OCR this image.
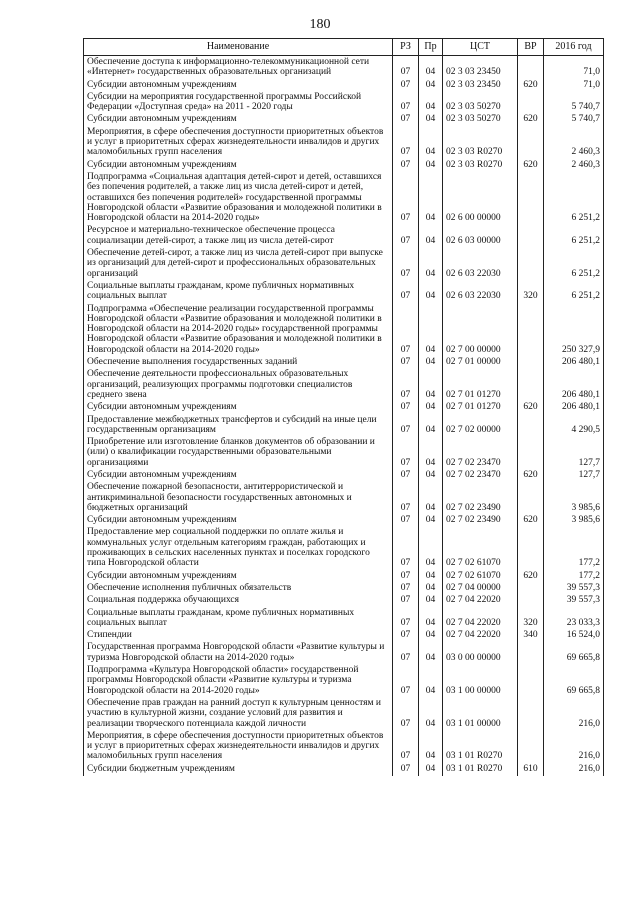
180
Наименование	РЗ	Пр	ЦСТ	ВР	2016 год
Обеспечение доступа к информационно-телекоммуникационной сети «Интернет» государственных образовательных организаций	07	04	02 3 03 23450		71,0
Субсидии автономным учреждениям	07	04	02 3 03 23450	620	71,0
Субсидии на мероприятия государственной программы Российской Федерации «Доступная среда» на 2011 - 2020 годы	07	04	02 3 03 50270		5 740,7
Субсидии автономным учреждениям	07	04	02 3 03 50270	620	5 740,7
Мероприятия, в сфере обеспечения доступности приоритетных объектов и услуг в приоритетных сферах жизнедеятельности инвалидов и других маломобильных групп населения	07	04	02 3 03 R0270		2 460,3
Субсидии автономным учреждениям	07	04	02 3 03 R0270	620	2 460,3
Подпрограмма «Социальная адаптация детей-сирот и детей, оставшихся без попечения родителей, а также лиц из числа детей-сирот и детей, оставшихся без попечения родителей» государственной программы Новгородской области «Развитие образования и молодежной политики в Новгородской области на 2014-2020 годы»	07	04	02 6 00 00000		6 251,2
Ресурсное и материально-техническое обеспечение процесса социализации детей-сирот, а также лиц из числа детей-сирот	07	04	02 6 03 00000		6 251,2
Обеспечение детей-сирот, а также лиц из числа детей-сирот при выпуске из организаций для детей-сирот и профессиональных образовательных организаций	07	04	02 6 03 22030		6 251,2
Социальные выплаты гражданам, кроме публичных нормативных социальных выплат	07	04	02 6 03 22030	320	6 251,2
Подпрограмма «Обеспечение реализации государственной программы Новгородской области «Развитие образования и молодежной политики в Новгородской области на 2014-2020 годы» государственной программы Новгородской области «Развитие образования и молодежной политики в Новгородской области на 2014-2020 годы»	07	04	02 7 00 00000		250 327,9
Обеспечение выполнения государственных заданий	07	04	02 7 01 00000		206 480,1
Обеспечение деятельности профессиональных образовательных организаций, реализующих программы подготовки специалистов среднего звена	07	04	02 7 01 01270		206 480,1
Субсидии автономным учреждениям	07	04	02 7 01 01270	620	206 480,1
Предоставление межбюджетных трансфертов и субсидий на иные цели государственным организациям	07	04	02 7 02 00000		4 290,5
Приобретение или изготовление бланков документов об образовании и (или) о квалификации государственными образовательными организациями	07	04	02 7 02 23470		127,7
Субсидии автономным учреждениям	07	04	02 7 02 23470	620	127,7
Обеспечение пожарной безопасности, антитеррористической и антикриминальной безопасности государственных автономных и бюджетных организаций	07	04	02 7 02 23490		3 985,6
Субсидии автономным учреждениям	07	04	02 7 02 23490	620	3 985,6
Предоставление мер социальной поддержки по оплате жилья и коммунальных услуг отдельным категориям граждан, работающих и проживающих в сельских населенных пунктах и поселках городского типа Новгородской области	07	04	02 7 02 61070		177,2
Субсидии автономным учреждениям	07	04	02 7 02 61070	620	177,2
Обеспечение исполнения публичных обязательств	07	04	02 7 04 00000		39 557,3
Социальная поддержка обучающихся	07	04	02 7 04 22020		39 557,3
Социальные выплаты гражданам, кроме публичных нормативных социальных выплат	07	04	02 7 04 22020	320	23 033,3
Стипендии	07	04	02 7 04 22020	340	16 524,0
Государственная программа Новгородской области «Развитие культуры и туризма Новгородской области на 2014-2020 годы»	07	04	03 0 00 00000		69 665,8
Подпрограмма «Культура Новгородской области» государственной программы Новгородской области «Развитие культуры и туризма Новгородской области на 2014-2020 годы»	07	04	03 1 00 00000		69 665,8
Обеспечение прав граждан на ранний доступ к культурным ценностям и участию в культурной жизни, создание условий для развития и реализации творческого потенциала каждой личности	07	04	03 1 01 00000		216,0
Мероприятия, в сфере обеспечения доступности приоритетных объектов и услуг в приоритетных сферах жизнедеятельности инвалидов и других маломобильных групп населения	07	04	03 1 01 R0270		216,0
Субсидии бюджетным учреждениям	07	04	03 1 01 R0270	610	216,0
